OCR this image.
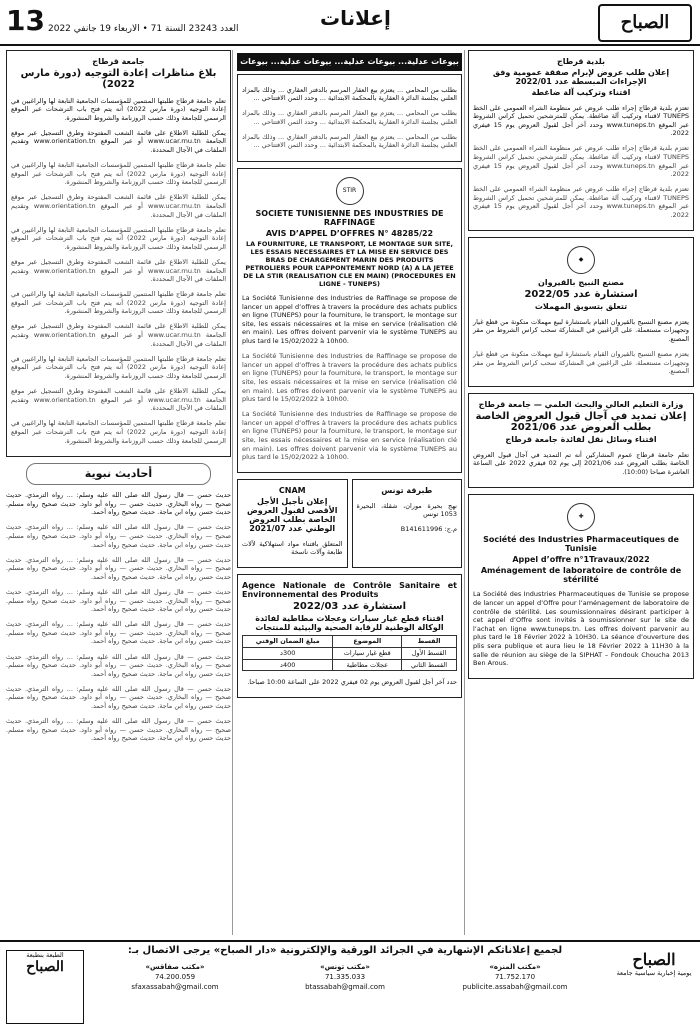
13 العدد 23243 السنة 71 • الاربعاء 19 جانفي 2022	إعلانات	الصباح
جامعة قرطاج
بلاغ مناظرات إعادة التوجيه (دورة مارس 2022)

تعلم جامعة قرطاج طلبتها المنتمين للمؤسسات الجامعية التابعة لها والراغبين في إعادة التوجيه (دورة مارس 2022) أنه يتم فتح باب الترشحات عبر الموقع الرسمي للجامعة وذلك حسب الروزنامة والشروط المنشورة.

يمكن للطلبة الاطلاع على قائمة الشعب المفتوحة وطرق التسجيل عبر موقع الجامعة www.ucar.rnu.tn أو عبر الموقع www.orientation.tn وتقديم الملفات في الآجال المحددة.

تعلم جامعة قرطاج طلبتها المنتمين للمؤسسات الجامعية التابعة لها والراغبين في إعادة التوجيه (دورة مارس 2022) أنه يتم فتح باب الترشحات عبر الموقع الرسمي للجامعة وذلك حسب الروزنامة والشروط المنشورة.

يمكن للطلبة الاطلاع على قائمة الشعب المفتوحة وطرق التسجيل عبر موقع الجامعة www.ucar.rnu.tn أو عبر الموقع www.orientation.tn وتقديم الملفات في الآجال المحددة.

تعلم جامعة قرطاج طلبتها المنتمين للمؤسسات الجامعية التابعة لها والراغبين في إعادة التوجيه (دورة مارس 2022) أنه يتم فتح باب الترشحات عبر الموقع الرسمي للجامعة وذلك حسب الروزنامة والشروط المنشورة.

يمكن للطلبة الاطلاع على قائمة الشعب المفتوحة وطرق التسجيل عبر موقع الجامعة www.ucar.rnu.tn أو عبر الموقع www.orientation.tn وتقديم الملفات في الآجال المحددة.

تعلم جامعة قرطاج طلبتها المنتمين للمؤسسات الجامعية التابعة لها والراغبين في إعادة التوجيه (دورة مارس 2022) أنه يتم فتح باب الترشحات عبر الموقع الرسمي للجامعة وذلك حسب الروزنامة والشروط المنشورة.

يمكن للطلبة الاطلاع على قائمة الشعب المفتوحة وطرق التسجيل عبر موقع الجامعة www.ucar.rnu.tn أو عبر الموقع www.orientation.tn وتقديم الملفات في الآجال المحددة.

تعلم جامعة قرطاج طلبتها المنتمين للمؤسسات الجامعية التابعة لها والراغبين في إعادة التوجيه (دورة مارس 2022) أنه يتم فتح باب الترشحات عبر الموقع الرسمي للجامعة وذلك حسب الروزنامة والشروط المنشورة.

يمكن للطلبة الاطلاع على قائمة الشعب المفتوحة وطرق التسجيل عبر موقع الجامعة www.ucar.rnu.tn أو عبر الموقع www.orientation.tn وتقديم الملفات في الآجال المحددة.

تعلم جامعة قرطاج طلبتها المنتمين للمؤسسات الجامعية التابعة لها والراغبين في إعادة التوجيه (دورة مارس 2022) أنه يتم فتح باب الترشحات عبر الموقع الرسمي للجامعة وذلك حسب الروزنامة والشروط المنشورة.

أحاديث نبوية

حديث حسن — قال رسول الله صلى الله عليه وسلم: ... رواه الترمذي. حديث صحيح — رواه البخاري. حديث حسن — رواه أبو داود. حديث صحيح رواه مسلم. حديث حسن رواه ابن ماجة. حديث صحيح رواه أحمد.

حديث حسن — قال رسول الله صلى الله عليه وسلم: ... رواه الترمذي. حديث صحيح — رواه البخاري. حديث حسن — رواه أبو داود. حديث صحيح رواه مسلم. حديث حسن رواه ابن ماجة. حديث صحيح رواه أحمد.

حديث حسن — قال رسول الله صلى الله عليه وسلم: ... رواه الترمذي. حديث صحيح — رواه البخاري. حديث حسن — رواه أبو داود. حديث صحيح رواه مسلم. حديث حسن رواه ابن ماجة. حديث صحيح رواه أحمد.

حديث حسن — قال رسول الله صلى الله عليه وسلم: ... رواه الترمذي. حديث صحيح — رواه البخاري. حديث حسن — رواه أبو داود. حديث صحيح رواه مسلم. حديث حسن رواه ابن ماجة. حديث صحيح رواه أحمد.

حديث حسن — قال رسول الله صلى الله عليه وسلم: ... رواه الترمذي. حديث صحيح — رواه البخاري. حديث حسن — رواه أبو داود. حديث صحيح رواه مسلم. حديث حسن رواه ابن ماجة. حديث صحيح رواه أحمد.

حديث حسن — قال رسول الله صلى الله عليه وسلم: ... رواه الترمذي. حديث صحيح — رواه البخاري. حديث حسن — رواه أبو داود. حديث صحيح رواه مسلم. حديث حسن رواه ابن ماجة. حديث صحيح رواه أحمد.

حديث حسن — قال رسول الله صلى الله عليه وسلم: ... رواه الترمذي. حديث صحيح — رواه البخاري. حديث حسن — رواه أبو داود. حديث صحيح رواه مسلم. حديث حسن رواه ابن ماجة. حديث صحيح رواه أحمد.

حديث حسن — قال رسول الله صلى الله عليه وسلم: ... رواه الترمذي. حديث صحيح — رواه البخاري. حديث حسن — رواه أبو داود. حديث صحيح رواه مسلم. حديث حسن رواه ابن ماجة. حديث صحيح رواه أحمد.

بيوعات عدلية... بيوعات عدلية... بيوعات عدلية... بيوعات عدلية...

بطلب من المحامي ... يعتزم بيع العقار المرسم بالدفتر العقاري ... وذلك بالمزاد العلني بجلسة الدائرة العقارية بالمحكمة الابتدائية ... وحدد الثمن الافتتاحي ...

بطلب من المحامي ... يعتزم بيع العقار المرسم بالدفتر العقاري ... وذلك بالمزاد العلني بجلسة الدائرة العقارية بالمحكمة الابتدائية ... وحدد الثمن الافتتاحي ...

بطلب من المحامي ... يعتزم بيع العقار المرسم بالدفتر العقاري ... وذلك بالمزاد العلني بجلسة الدائرة العقارية بالمحكمة الابتدائية ... وحدد الثمن الافتتاحي ...

STIR
SOCIETE TUNISIENNE DES INDUSTRIES DE RAFFINAGE
AVIS D’APPEL D’OFFRES N° 48285/22
LA FOURNITURE, LE TRANSPORT, LE MONTAGE SUR SITE, LES ESSAIS NECESSAIRES ET LA MISE EN SERVICE DES BRAS DE CHARGEMENT MARIN DES PRODUITS PETROLIERS POUR L’APPONTEMENT NORD (A) A LA JETEE DE LA STIR (REALISATION CLE EN MAIN) (PROCEDURES EN LIGNE - TUNEPS)

La Société Tunisienne des Industries de Raffinage se propose de lancer un appel d’offres à travers la procédure des achats publics en ligne (TUNEPS) pour la fourniture, le transport, le montage sur site, les essais nécessaires et la mise en service (réalisation clé en main). Les offres doivent parvenir via le système TUNEPS au plus tard le 15/02/2022 à 10h00.

La Société Tunisienne des Industries de Raffinage se propose de lancer un appel d’offres à travers la procédure des achats publics en ligne (TUNEPS) pour la fourniture, le transport, le montage sur site, les essais nécessaires et la mise en service (réalisation clé en main). Les offres doivent parvenir via le système TUNEPS au plus tard le 15/02/2022 à 10h00.

La Société Tunisienne des Industries de Raffinage se propose de lancer un appel d’offres à travers la procédure des achats publics en ligne (TUNEPS) pour la fourniture, le transport, le montage sur site, les essais nécessaires et la mise en service (réalisation clé en main). Les offres doivent parvenir via le système TUNEPS au plus tard le 15/02/2022 à 10h00.

طبرقة تونس

نهج بحيرة موران، شقلة، البحيرة 1053 تونس

م.ج: B141611996

CNAM
إعلان تأجيل الأجل الأقصى لقبول العروض الخاصة بطلب العروض الوطني عدد 2021/07

المتعلق باقتناء مواد استهلاكية لآلات طابعة وآلات ناسخة

Agence Nationale de Contrôle Sanitaire et Environnemental des Produits
استشارة عدد 2022/03
اقتناء قطع غيار سيارات وعجلات مطاطية لفائدة الوكالة الوطنية للرقابة الصحية والبيئية للمنتجات
القسط	الموضوع	مبلغ الضمان الوقتي
القسط الأول	قطع غيار سيارات	300د
القسط الثاني	عجلات مطاطية	400د

حدد آخر أجل لقبول العروض يوم 02 فيفري 2022 على الساعة 10:00 صباحا.

بلدية قرطاج
إعلان طلب عروض لإبرام صفقة عمومية وفق الإجراءات المبسطة عدد 2022/01
اقتناء وتركيب آلة ضاغطة

تعتزم بلدية قرطاج إجراء طلب عروض عبر منظومة الشراء العمومي على الخط TUNEPS لاقتناء وتركيب آلة ضاغطة. يمكن للمترشحين تحميل كراس الشروط عبر الموقع www.tuneps.tn وحدد آخر أجل لقبول العروض يوم 15 فيفري 2022.

تعتزم بلدية قرطاج إجراء طلب عروض عبر منظومة الشراء العمومي على الخط TUNEPS لاقتناء وتركيب آلة ضاغطة. يمكن للمترشحين تحميل كراس الشروط عبر الموقع www.tuneps.tn وحدد آخر أجل لقبول العروض يوم 15 فيفري 2022.

تعتزم بلدية قرطاج إجراء طلب عروض عبر منظومة الشراء العمومي على الخط TUNEPS لاقتناء وتركيب آلة ضاغطة. يمكن للمترشحين تحميل كراس الشروط عبر الموقع www.tuneps.tn وحدد آخر أجل لقبول العروض يوم 15 فيفري 2022.

◆
مصنع النبيج بالقيروان
استشارة عدد 2022/05
تتعلق بتسويق المهملات

يعتزم مصنع النسيج بالقيروان القيام باستشارة لبيع مهملات متكونة من قطع غيار وتجهيزات مستعملة. على الراغبين في المشاركة سحب كراس الشروط من مقر المصنع.

يعتزم مصنع النسيج بالقيروان القيام باستشارة لبيع مهملات متكونة من قطع غيار وتجهيزات مستعملة. على الراغبين في المشاركة سحب كراس الشروط من مقر المصنع.

وزارة التعليم العالي والبحث العلمي — جامعة قرطاج
إعلان تمديد في آجال قبول العروض الخاصة بطلب العروض عدد 2021/06
اقتناء وسائل نقل لفائدة جامعة قرطاج

تعلم جامعة قرطاج عموم المشاركين أنه تم التمديد في آجال قبول العروض الخاصة بطلب العروض عدد 2021/06 إلى يوم 02 فيفري 2022 على الساعة العاشرة صباحا (10:00).

✚
Société des Industries Pharmaceutiques de Tunisie
Appel d’offre n°1Travaux/2022
Aménagement de laboratoire de contrôle de stérilité

La Société des Industries Pharmaceutiques de Tunisie se propose de lancer un appel d’Offre pour l’aménagement de laboratoire de contrôle de stérilité. Les soumissionnaires désirant participer à cet appel d’Offre sont invités à soumissionner sur le site de l’achat en ligne www.tuneps.tn. Les offres doivent parvenir au plus tard le 18 Février 2022 à 10H30. La séance d’ouverture des plis sera publique et aura lieu le 18 Février 2022 à 11H30 à la salle de réunion au siège de la SIPHAT – Fondouk Choucha 2013 Ben Arous.

الطبعة بنطبعة
الصباح
لجميع إعلاناتكم الإشهارية في الجرائد الورقية والإلكترونية «دار الصباح» يرجى الاتصال بـ:
«مكتب المنزه»
71.752.170
publicite.assabah@gmail.com
«مكتب تونس»
71.335.033
btassabah@gmail.com
«مكتب صفاقس»
74.200.059
sfaxassabah@gmail.com
الصباح
يومية إخبارية سياسية جامعة
